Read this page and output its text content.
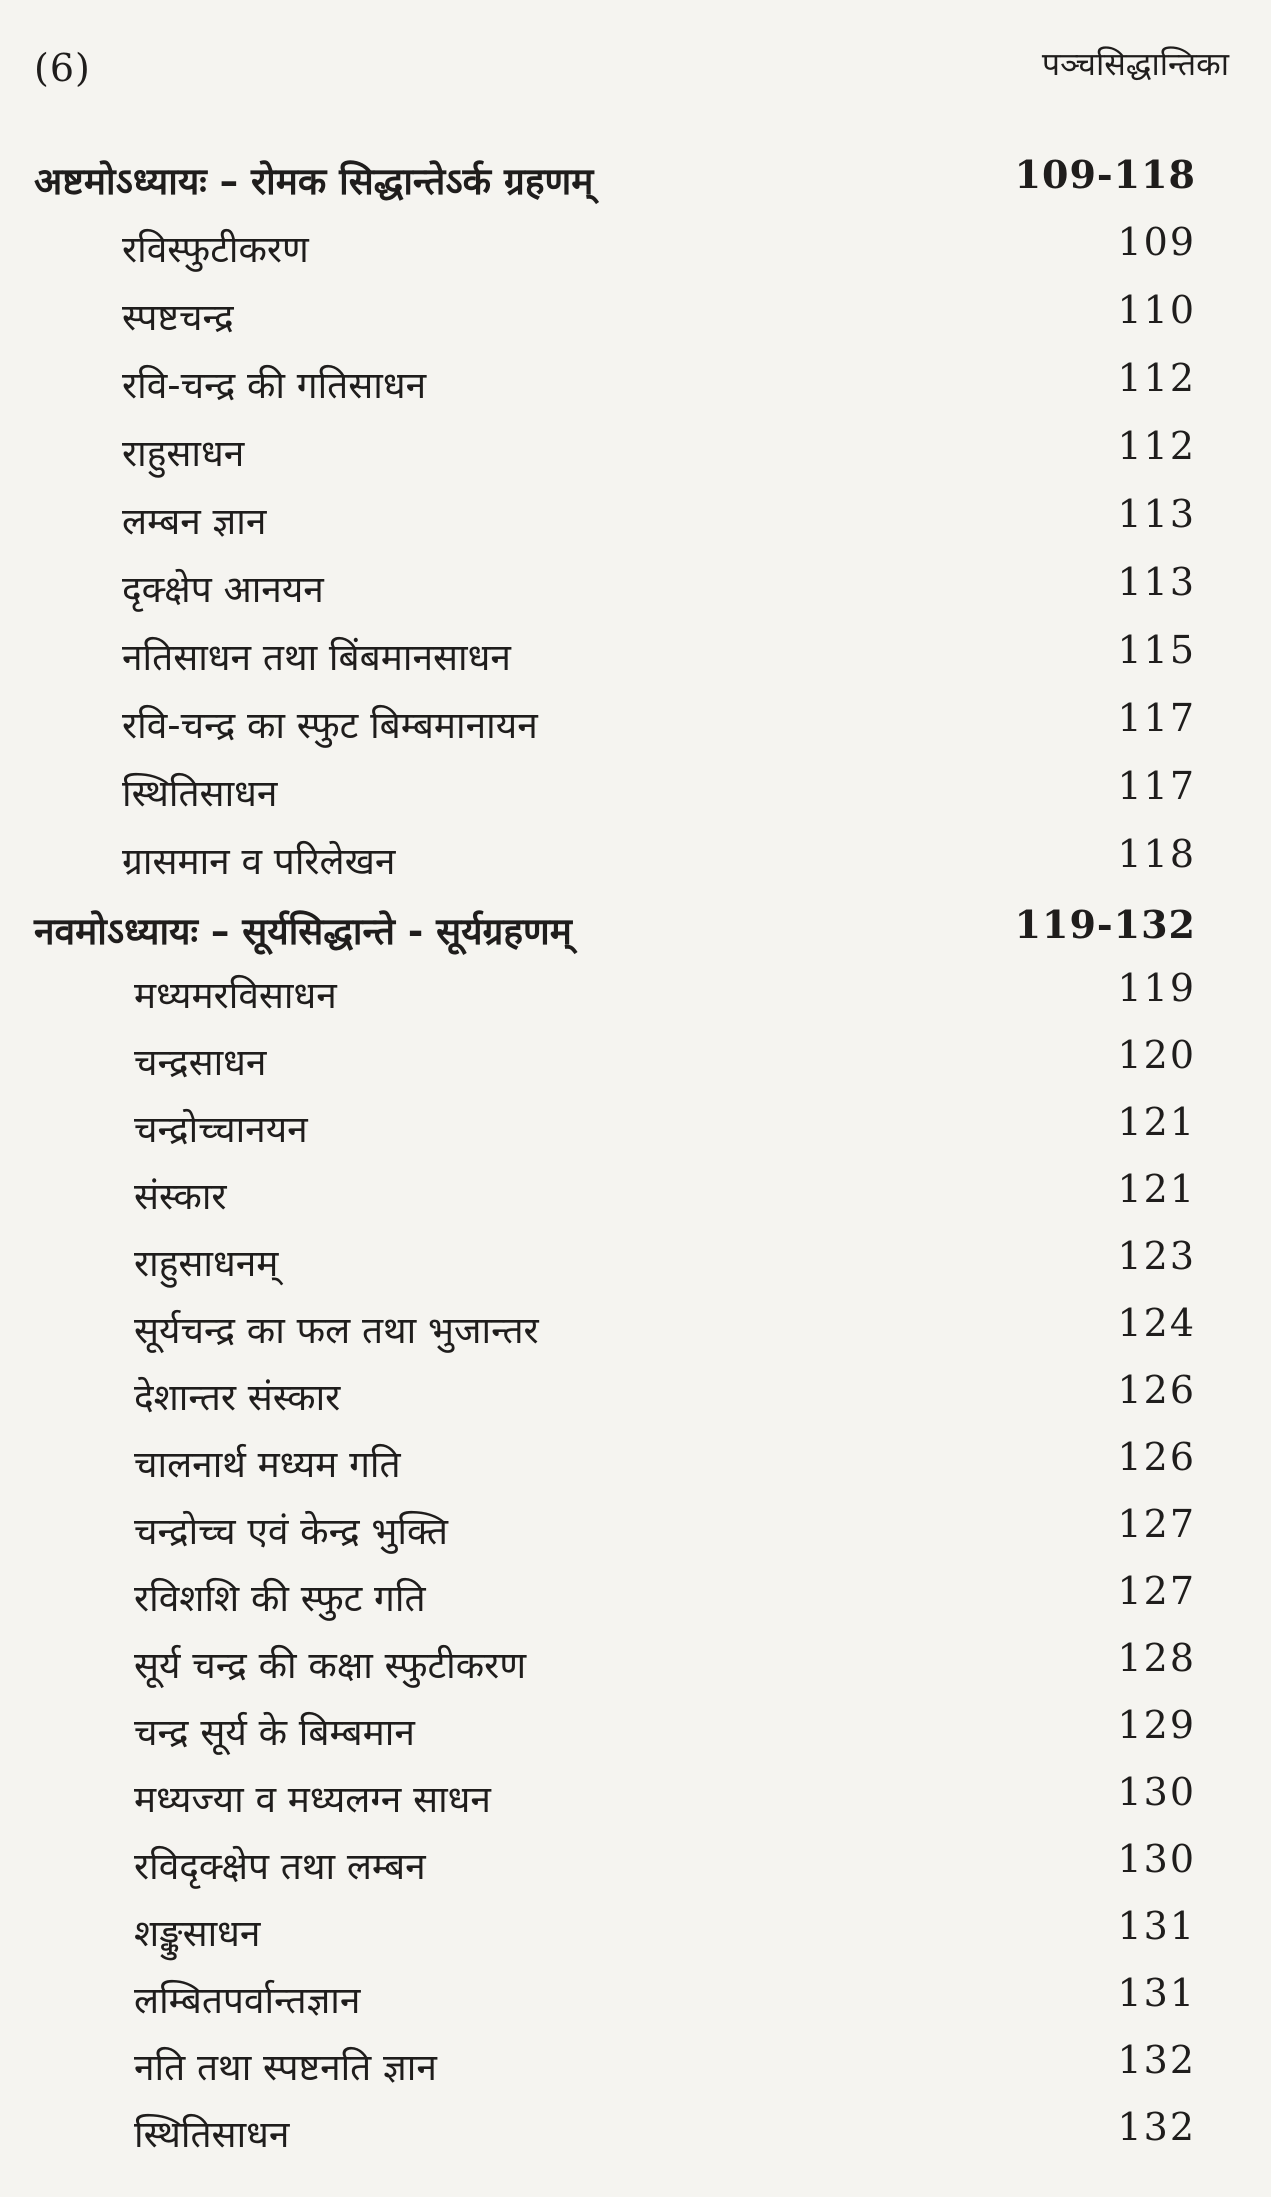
(6)	पञ्चसिद्धान्तिका
अष्टमोऽध्यायः – रोमक सिद्धान्तेऽर्क ग्रहणम्	109-118
रविस्फुटीकरण	109
स्पष्टचन्द्र	110
रवि-चन्द्र की गतिसाधन	112
राहुसाधन	112
लम्बन ज्ञान	113
दृक्क्षेप आनयन	113
नतिसाधन तथा बिंबमानसाधन	115
रवि-चन्द्र का स्फुट बिम्बमानायन	117
स्थितिसाधन	117
ग्रासमान व परिलेखन	118
नवमोऽध्यायः – सूर्यसिद्धान्ते - सूर्यग्रहणम्	119-132
मध्यमरविसाधन	119
चन्द्रसाधन	120
चन्द्रोच्चानयन	121
संस्कार	121
राहुसाधनम्	123
सूर्यचन्द्र का फल तथा भुजान्तर	124
देशान्तर संस्कार	126
चालनार्थ मध्यम गति	126
चन्द्रोच्च एवं केन्द्र भुक्ति	127
रविशशि की स्फुट गति	127
सूर्य चन्द्र की कक्षा स्फुटीकरण	128
चन्द्र सूर्य के बिम्बमान	129
मध्यज्या व मध्यलग्न साधन	130
रविदृक्क्षेप तथा लम्बन	130
शङ्कुसाधन	131
लम्बितपर्वान्तज्ञान	131
नति तथा स्पष्टनति ज्ञान	132
स्थितिसाधन	132
